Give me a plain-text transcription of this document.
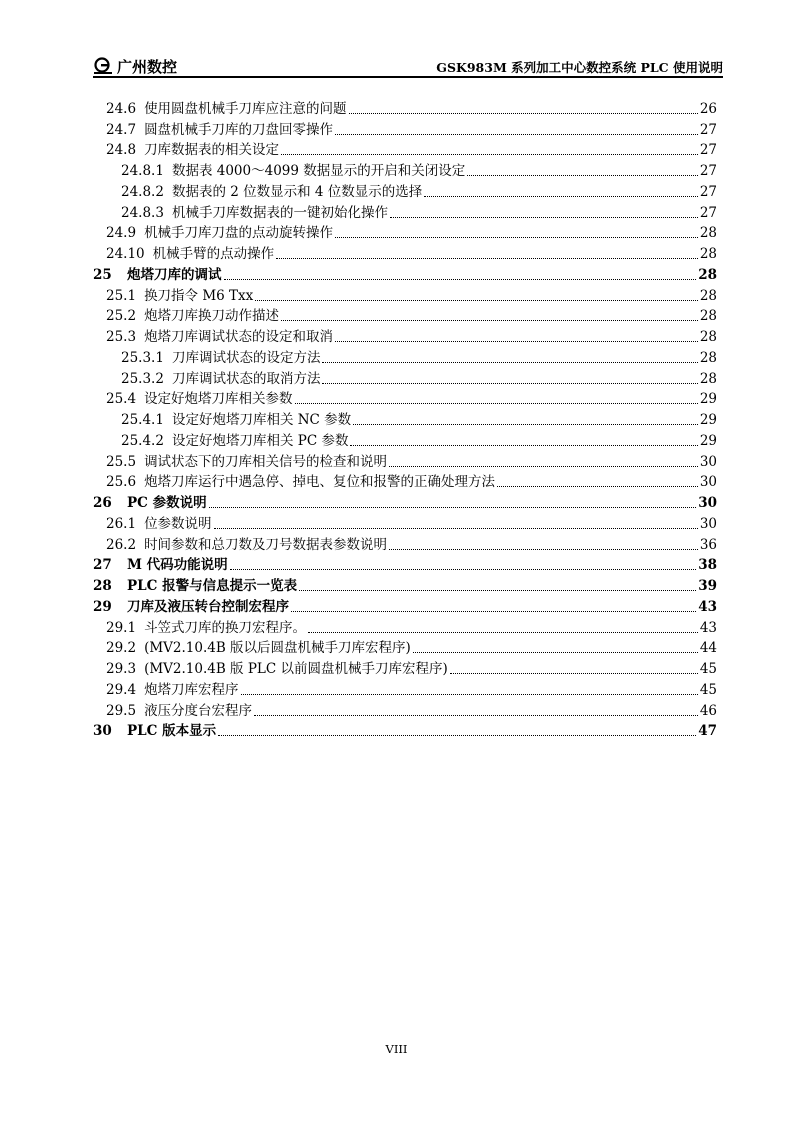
广州数控	GSK983M 系列加工中心数控系统 PLC 使用说明
24.6 使用圆盘机械手刀库应注意的问题	26
24.7 圆盘机械手刀库的刀盘回零操作	27
24.8 刀库数据表的相关设定	27
24.8.1 数据表 4000～4099 数据显示的开启和关闭设定	27
24.8.2 数据表的 2 位数显示和 4 位数显示的选择	27
24.8.3 机械手刀库数据表的一键初始化操作	27
24.9 机械手刀库刀盘的点动旋转操作	28
24.10 机械手臂的点动操作	28
25	炮塔刀库的调试	28
25.1 换刀指令 M6 Txx	28
25.2 炮塔刀库换刀动作描述	28
25.3 炮塔刀库调试状态的设定和取消	28
25.3.1 刀库调试状态的设定方法	28
25.3.2 刀库调试状态的取消方法	28
25.4 设定好炮塔刀库相关参数	29
25.4.1 设定好炮塔刀库相关 NC 参数	29
25.4.2 设定好炮塔刀库相关 PC 参数	29
25.5 调试状态下的刀库相关信号的检查和说明	30
25.6 炮塔刀库运行中遇急停、掉电、复位和报警的正确处理方法	30
26	PC 参数说明	30
26.1 位参数说明	30
26.2 时间参数和总刀数及刀号数据表参数说明	36
27	M 代码功能说明	38
28	PLC 报警与信息提示一览表	39
29	刀库及液压转台控制宏程序	43
29.1 斗笠式刀库的换刀宏程序。	43
29.2 (MV2.10.4B 版以后圆盘机械手刀库宏程序)	44
29.3 (MV2.10.4B 版 PLC 以前圆盘机械手刀库宏程序)	45
29.4 炮塔刀库宏程序	45
29.5 液压分度台宏程序	46
30	PLC 版本显示	47
VIII
